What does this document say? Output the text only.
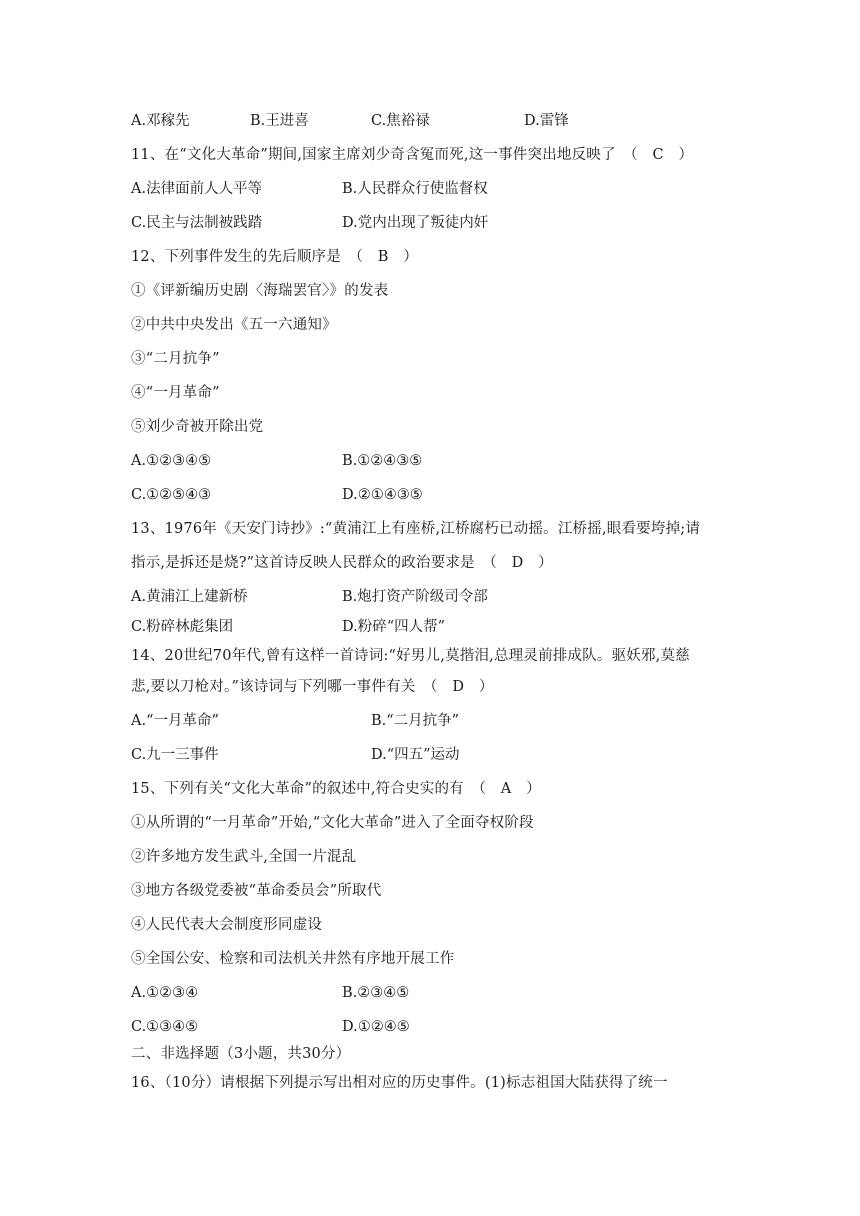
A.邓稼先	B.王进喜	C.焦裕禄	D.雷锋
11、在“文化大革命”期间,国家主席刘少奇含冤而死,这一事件突出地反映了　（　C　）
A.法律面前人人平等	B.人民群众行使监督权
C.民主与法制被践踏	D.党内出现了叛徒内奸
12、下列事件发生的先后顺序是　（　B　）
①《评新编历史剧〈海瑞罢官〉》的发表
②中共中央发出《五一六通知》
③“二月抗争”
④“一月革命”
⑤刘少奇被开除出党
A.①②③④⑤	B.①②④③⑤
C.①②⑤④③	D.②①④③⑤
13、1976年《天安门诗抄》:“黄浦江上有座桥,江桥腐朽已动摇。江桥摇,眼看要垮掉;请
指示,是拆还是烧?”这首诗反映人民群众的政治要求是　（　D　）
A.黄浦江上建新桥	B.炮打资产阶级司令部
C.粉碎林彪集团	D.粉碎“四人帮”
14、20世纪70年代,曾有这样一首诗词:“好男儿,莫揩泪,总理灵前排成队。驱妖邪,莫慈
悲,要以刀枪对。”该诗词与下列哪一事件有关　（　D　）
A.“一月革命”	B.“二月抗争”
C.九一三事件	D.“四五”运动
15、下列有关“文化大革命”的叙述中,符合史实的有　（　A　）
①从所谓的“一月革命”开始,“文化大革命”进入了全面夺权阶段
②许多地方发生武斗,全国一片混乱
③地方各级党委被“革命委员会”所取代
④人民代表大会制度形同虚设
⑤全国公安、检察和司法机关井然有序地开展工作
A.①②③④	B.②③④⑤
C.①③④⑤	D.①②④⑤
二、非选择题（3小题，共30分）
16、（10分）请根据下列提示写出相对应的历史事件。(1)标志祖国大陆获得了统一
